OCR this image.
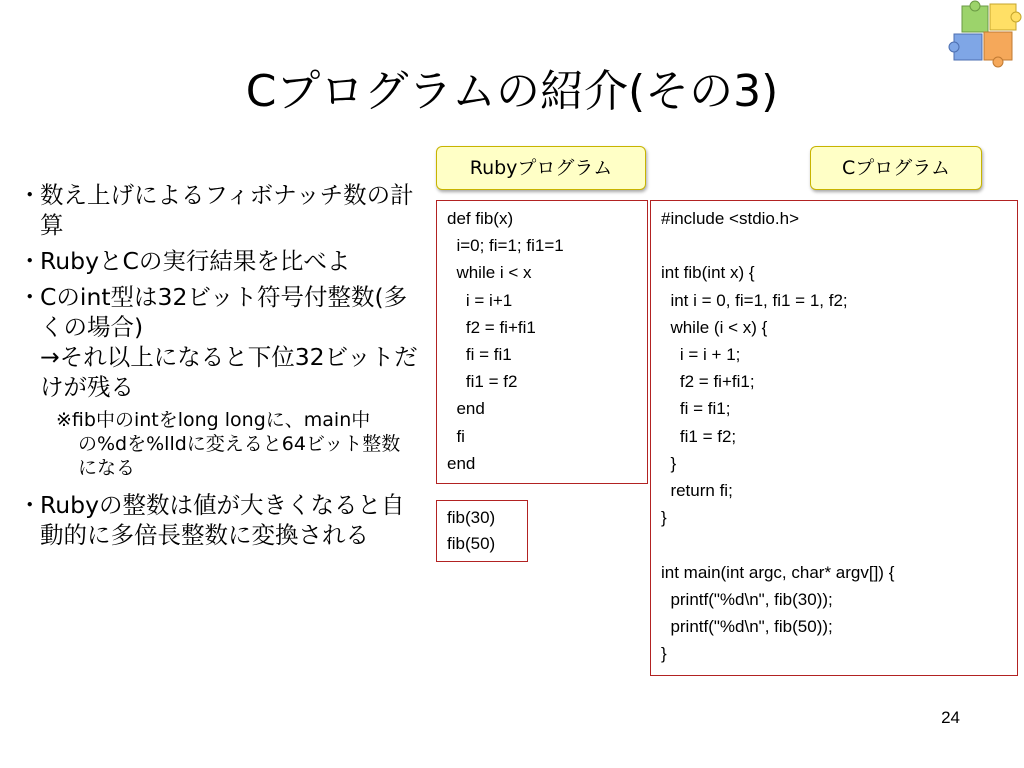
Cプログラムの紹介(その3)
Rubyプログラム	Cプログラム
・
数え上げによるフィボナッチ数の計算
・
RubyとCの実行結果を比べよ
・
Cのint型は32ビット符号付整数(多くの場合)
→それ以上になると下位32ビットだけが残る
※fib中のintをlong longに、main中の%dを%lldに変えると64ビット整数になる
・
Rubyの整数は値が大きくなると自動的に多倍長整数に変換される
def fib(x)
i=0; fi=1; fi1=1
while i < x
i = i+1
f2 = fi+fi1
fi = fi1
fi1 = f2
end
fi
end
fib(30)
fib(50)
#include <stdio.h>

int fib(int x) {
int i = 0, fi=1, fi1 = 1, f2;
while (i < x) {
i = i + 1;
f2 = fi+fi1;
fi = fi1;
fi1 = f2;
}
return fi;
}

int main(int argc, char* argv[]) {
printf("%d\n", fib(30));
printf("%d\n", fib(50));
}
24
